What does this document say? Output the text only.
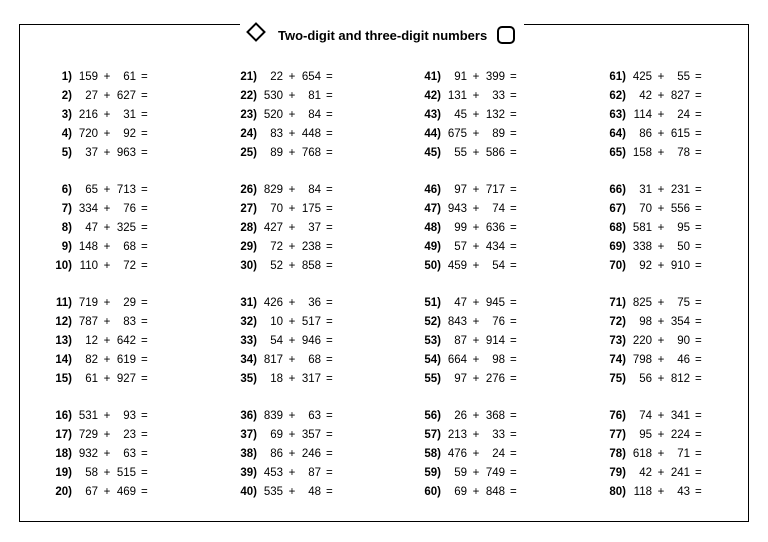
Two-digit and three-digit numbers
1) 159 +	61 =
2)	27 + 627 =
3) 216 +	31 =
4) 720 +	92 =
5)	37 + 963 =
6)	65 + 713 =
7) 334 +	76 =
8)	47 + 325 =
9) 148 +	68 =
10) 110 +	72 =
11) 719 +	29 =
12) 787 +	83 =
13)	12 + 642 =
14)	82 + 619 =
15)	61 + 927 =
16) 531 +	93 =
17) 729 +	23 =
18) 932 +	63 =
19)	58 + 515 =
20)	67 + 469 =
21)	22 + 654 =
22) 530 +	81 =
23) 520 +	84 =
24)	83 + 448 =
25)	89 + 768 =
26) 829 +	84 =
27)	70 + 175 =
28) 427 +	37 =
29)	72 + 238 =
30)	52 + 858 =
31) 426 +	36 =
32)	10 + 517 =
33)	54 + 946 =
34) 817 +	68 =
35)	18 + 317 =
36) 839 +	63 =
37)	69 + 357 =
38)	86 + 246 =
39) 453 +	87 =
40) 535 +	48 =
41)	91 + 399 =
42) 131 +	33 =
43)	45 + 132 =
44) 675 +	89 =
45)	55 + 586 =
46)	97 + 717 =
47) 943 +	74 =
48)	99 + 636 =
49)	57 + 434 =
50) 459 +	54 =
51)	47 + 945 =
52) 843 +	76 =
53)	87 + 914 =
54) 664 +	98 =
55)	97 + 276 =
56)	26 + 368 =
57) 213 +	33 =
58) 476 +	24 =
59)	59 + 749 =
60)	69 + 848 =
61) 425 +	55 =
62)	42 + 827 =
63) 114 +	24 =
64)	86 + 615 =
65) 158 +	78 =
66)	31 + 231 =
67)	70 + 556 =
68) 581 +	95 =
69) 338 +	50 =
70)	92 + 910 =
71) 825 +	75 =
72)	98 + 354 =
73) 220 +	90 =
74) 798 +	46 =
75)	56 + 812 =
76)	74 + 341 =
77)	95 + 224 =
78) 618 +	71 =
79)	42 + 241 =
80) 118 +	43 =
